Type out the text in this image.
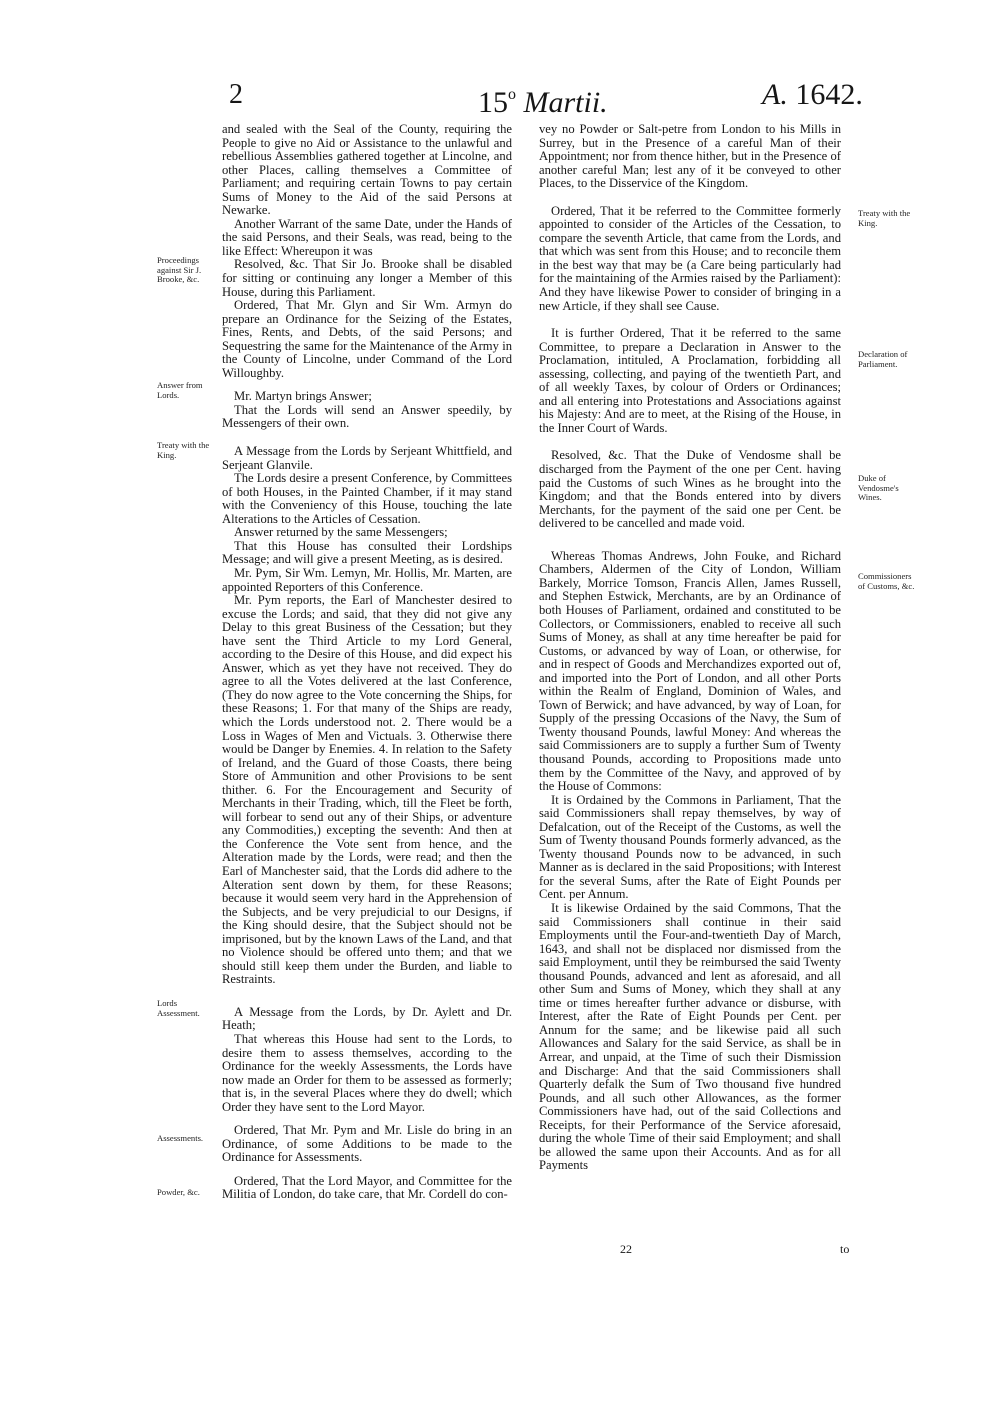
2	15$^o$ Martii.	A. 1642.
Proceedings against Sir J. Brooke, &c.
Answer from Lords.
Treaty with the King.
Lords Assessment.
Assessments.
Powder, &c.
Treaty with the King.
Declaration of Parliament.
Duke of Vendosme's Wines.
Commissioners of Customs, &c.

and sealed with the Seal of the County, requiring the People to give no Aid or Assistance to the unlawful and rebellious Assemblies gathered together at Lincolne, and other Places, calling themselves a Committee of Parliament; and requiring certain Towns to pay certain Sums of Money to the Aid of the said Persons at Newarke.

Another Warrant of the same Date, under the Hands of the said Persons, and their Seals, was read, being to the like Effect: Whereupon it was

Resolved, &c. That Sir Jo. Brooke shall be disabled for sitting or continuing any longer a Member of this House, during this Parliament.

Ordered, That Mr. Glyn and Sir Wm. Armyn do prepare an Ordinance for the Seizing of the Estates, Fines, Rents, and Debts, of the said Persons; and Sequestring the same for the Maintenance of the Army in the County of Lincolne, under Command of the Lord Willoughby.

Mr. Martyn brings Answer;

That the Lords will send an Answer speedily, by Messengers of their own.

A Message from the Lords by Serjeant Whittfield, and Serjeant Glanvile.

The Lords desire a present Conference, by Committees of both Houses, in the Painted Chamber, if it may stand with the Conveniency of this House, touching the late Alterations to the Articles of Cessation.

Answer returned by the same Messengers;

That this House has consulted their Lordships Message; and will give a present Meeting, as is desired.

Mr. Pym, Sir Wm. Lemyn, Mr. Hollis, Mr. Marten, are appointed Reporters of this Conference.

Mr. Pym reports, the Earl of Manchester desired to excuse the Lords; and said, that they did not give any Delay to this great Business of the Cessation; but they have sent the Third Article to my Lord General, according to the Desire of this House, and did expect his Answer, which as yet they have not received. They do agree to all the Votes delivered at the last Conference, (They do now agree to the Vote concerning the Ships, for these Reasons; 1. For that many of the Ships are ready, which the Lords understood not. 2. There would be a Loss in Wages of Men and Victuals. 3. Otherwise there would be Danger by Enemies. 4. In relation to the Safety of Ireland, and the Guard of those Coasts, there being Store of Ammunition and other Provisions to be sent thither. 6. For the Encouragement and Security of Merchants in their Trading, which, till the Fleet be forth, will forbear to send out any of their Ships, or adventure any Commodities,) excepting the seventh: And then at the Conference the Vote sent from hence, and the Alteration made by the Lords, were read; and then the Earl of Manchester said, that the Lords did adhere to the Alteration sent down by them, for these Reasons; because it would seem very hard in the Apprehension of the Subjects, and be very prejudicial to our Designs, if the King should desire, that the Subject should not be imprisoned, but by the known Laws of the Land, and that no Violence should be offered unto them; and that we should still keep them under the Burden, and liable to Restraints.

A Message from the Lords, by Dr. Aylett and Dr. Heath;

That whereas this House had sent to the Lords, to desire them to assess themselves, according to the Ordinance for the weekly Assessments, the Lords have now made an Order for them to be assessed as formerly; that is, in the several Places where they do dwell; which Order they have sent to the Lord Mayor.

Ordered, That Mr. Pym and Mr. Lisle do bring in an Ordinance, of some Additions to be made to the Ordinance for Assessments.

Ordered, That the Lord Mayor, and Committee for the Militia of London, do take care, that Mr. Cordell do con-

vey no Powder or Salt-petre from London to his Mills in Surrey, but in the Presence of a careful Man of their Appointment; nor from thence hither, but in the Presence of another careful Man; lest any of it be conveyed to other Places, to the Disservice of the Kingdom.

Ordered, That it be referred to the Committee formerly appointed to consider of the Articles of the Cessation, to compare the seventh Article, that came from the Lords, and that which was sent from this House; and to reconcile them in the best way that may be (a Care being particularly had for the maintaining of the Armies raised by the Parliament): And they have likewise Power to consider of bringing in a new Article, if they shall see Cause.

It is further Ordered, That it be referred to the same Committee, to prepare a Declaration in Answer to the Proclamation, intituled, A Proclamation, forbidding all assessing, collecting, and paying of the twentieth Part, and of all weekly Taxes, by colour of Orders or Ordinances; and all entering into Protestations and Associations against his Majesty: And are to meet, at the Rising of the House, in the Inner Court of Wards.

Resolved, &c. That the Duke of Vendosme shall be discharged from the Payment of the one per Cent. having paid the Customs of such Wines as he brought into the Kingdom; and that the Bonds entered into by divers Merchants, for the payment of the said one per Cent. be delivered to be cancelled and made void.

Whereas Thomas Andrews, John Fouke, and Richard Chambers, Aldermen of the City of London, William Barkely, Morrice Tomson, Francis Allen, James Russell, and Stephen Estwick, Merchants, are by an Ordinance of both Houses of Parliament, ordained and constituted to be Collectors, or Commissioners, enabled to receive all such Sums of Money, as shall at any time hereafter be paid for Customs, or advanced by way of Loan, or otherwise, for and in respect of Goods and Merchandizes exported out of, and imported into the Port of London, and all other Ports within the Realm of England, Dominion of Wales, and Town of Berwick; and have advanced, by way of Loan, for Supply of the pressing Occasions of the Navy, the Sum of Twenty thousand Pounds, lawful Money: And whereas the said Commissioners are to supply a further Sum of Twenty thousand Pounds, according to Propositions made unto them by the Committee of the Navy, and approved of by the House of Commons:

It is Ordained by the Commons in Parliament, That the said Commissioners shall repay themselves, by way of Defalcation, out of the Receipt of the Customs, as well the Sum of Twenty thousand Pounds formerly advanced, as the Twenty thousand Pounds now to be advanced, in such Manner as is declared in the said Propositions; with Interest for the several Sums, after the Rate of Eight Pounds per Cent. per Annum.

It is likewise Ordained by the said Commons, That the said Commissioners shall continue in their said Employments until the Four-and-twentieth Day of March, 1643, and shall not be displaced nor dismissed from the said Employment, until they be reimbursed the said Twenty thousand Pounds, advanced and lent as aforesaid, and all other Sum and Sums of Money, which they shall at any time or times hereafter further advance or disburse, with Interest, after the Rate of Eight Pounds per Cent. per Annum for the same; and be likewise paid all such Allowances and Salary for the said Service, as shall be in Arrear, and unpaid, at the Time of such their Dismission and Discharge: And that the said Commissioners shall Quarterly defalk the Sum of Two thousand five hundred Pounds, and all such other Allowances, as the former Commissioners have had, out of the said Collections and Receipts, for their Performance of the Service aforesaid, during the whole Time of their said Employment; and shall be allowed the same upon their Accounts. And as for all Payments

22	to
